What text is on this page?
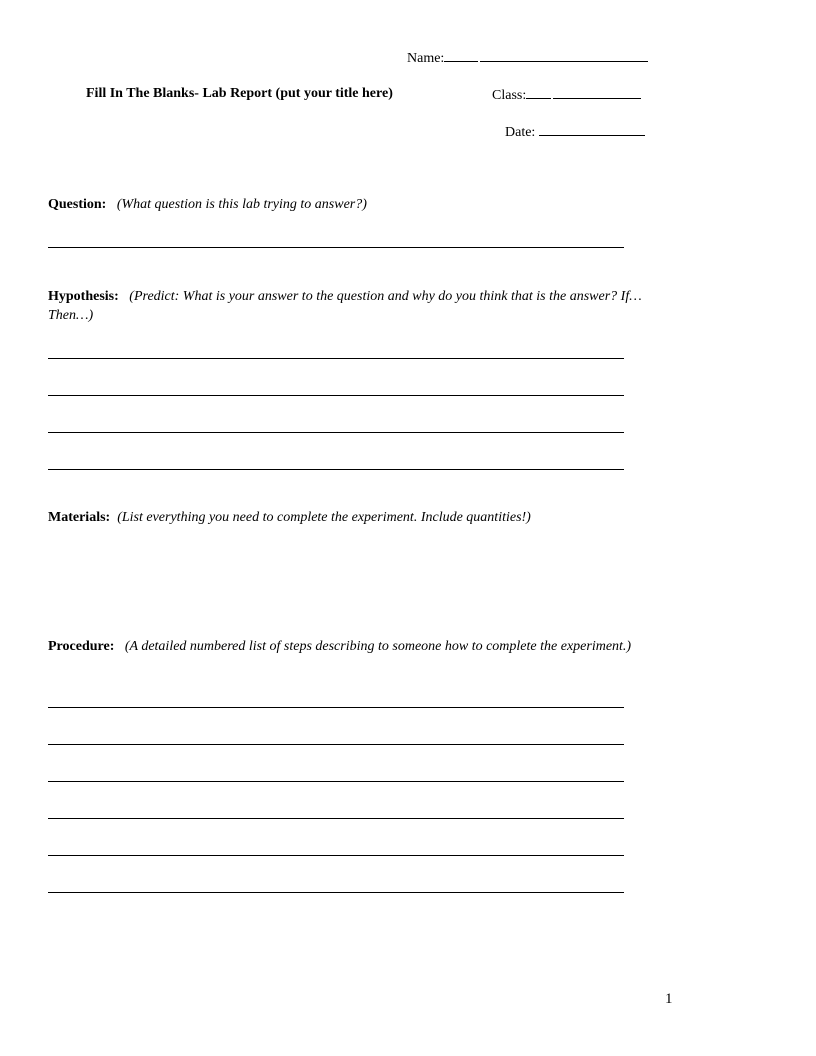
Name:
Fill In The Blanks- Lab Report (put your title here)	Class:
Date:
Question: (What question is this lab trying to answer?)
Hypothesis: (Predict: What is your answer to the question and why do you think that is the answer? If…Then…)
Materials: (List everything you need to complete the experiment. Include quantities!)
Procedure: (A detailed numbered list of steps describing to someone how to complete the experiment.)
1
